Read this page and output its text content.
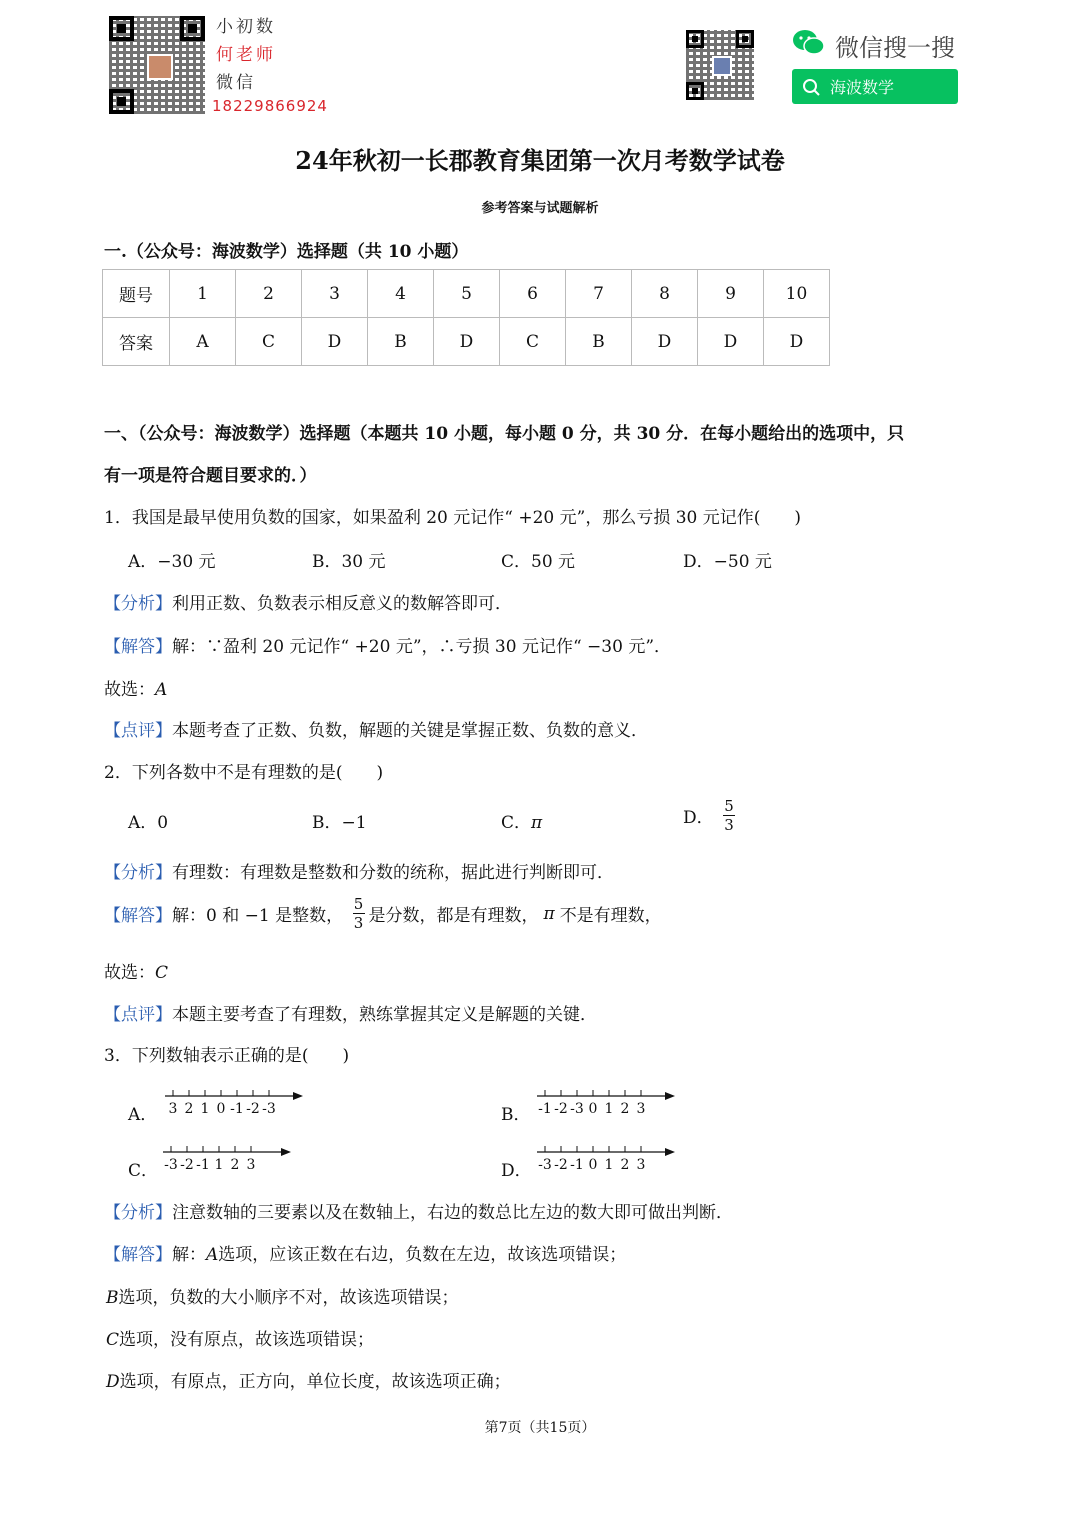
小初数
何老师
微信
18229866924
微信搜一搜
海波数学
24年秋初一长郡教育集团第一次月考数学试卷
参考答案与试题解析
一.（公众号：海波数学）选择题（共 10 小题）
题号	1	2	3	4	5	6	7	8	9	10
答案	A	C	D	B	D	C	B	D	D	D
一、（公众号：海波数学）选择题（本题共 10 小题，每小题 0 分，共 30 分．在每小题给出的选项中，只
有一项是符合题目要求的．）
1．我国是最早使用负数的国家，如果盈利 20 元记作“ +20 元”，那么亏损 30 元记作(　　)
A．−30 元	B．30 元	C．50 元	D．−50 元
【分析】利用正数、负数表示相反意义的数解答即可．
【解答】解：∵盈利 20 元记作“ +20 元”，∴亏损 30 元记作“ −30 元”．
故选：A
【点评】本题考查了正数、负数，解题的关键是掌握正数、负数的意义．
2．下列各数中不是有理数的是(　　)
A．0	B．−1	C．π	D． $\frac{5}{3}$
【分析】有理数：有理数是整数和分数的统称，据此进行判断即可．
【解答】解：0 和 −1 是整数， $\frac{5}{3}$ 是分数，都是有理数， π 不是有理数，
故选：C
【点评】本题主要考查了有理数，熟练掌握其定义是解题的关键．
3．下列数轴表示正确的是(　　)
A．	B．
C．	D．
3 2 1 0 -1 -2 -3	-1 -2 -3 0 1 2 3
-3 -2 -1 1 2 3	-3 -2 -1 0 1 2 3
【分析】注意数轴的三要素以及在数轴上，右边的数总比左边的数大即可做出判断．
【解答】解：A选项，应该正数在右边，负数在左边，故该选项错误；
B选项，负数的大小顺序不对，故该选项错误；
C选项，没有原点，故该选项错误；
D选项，有原点，正方向，单位长度，故该选项正确；
第7页（共15页）
